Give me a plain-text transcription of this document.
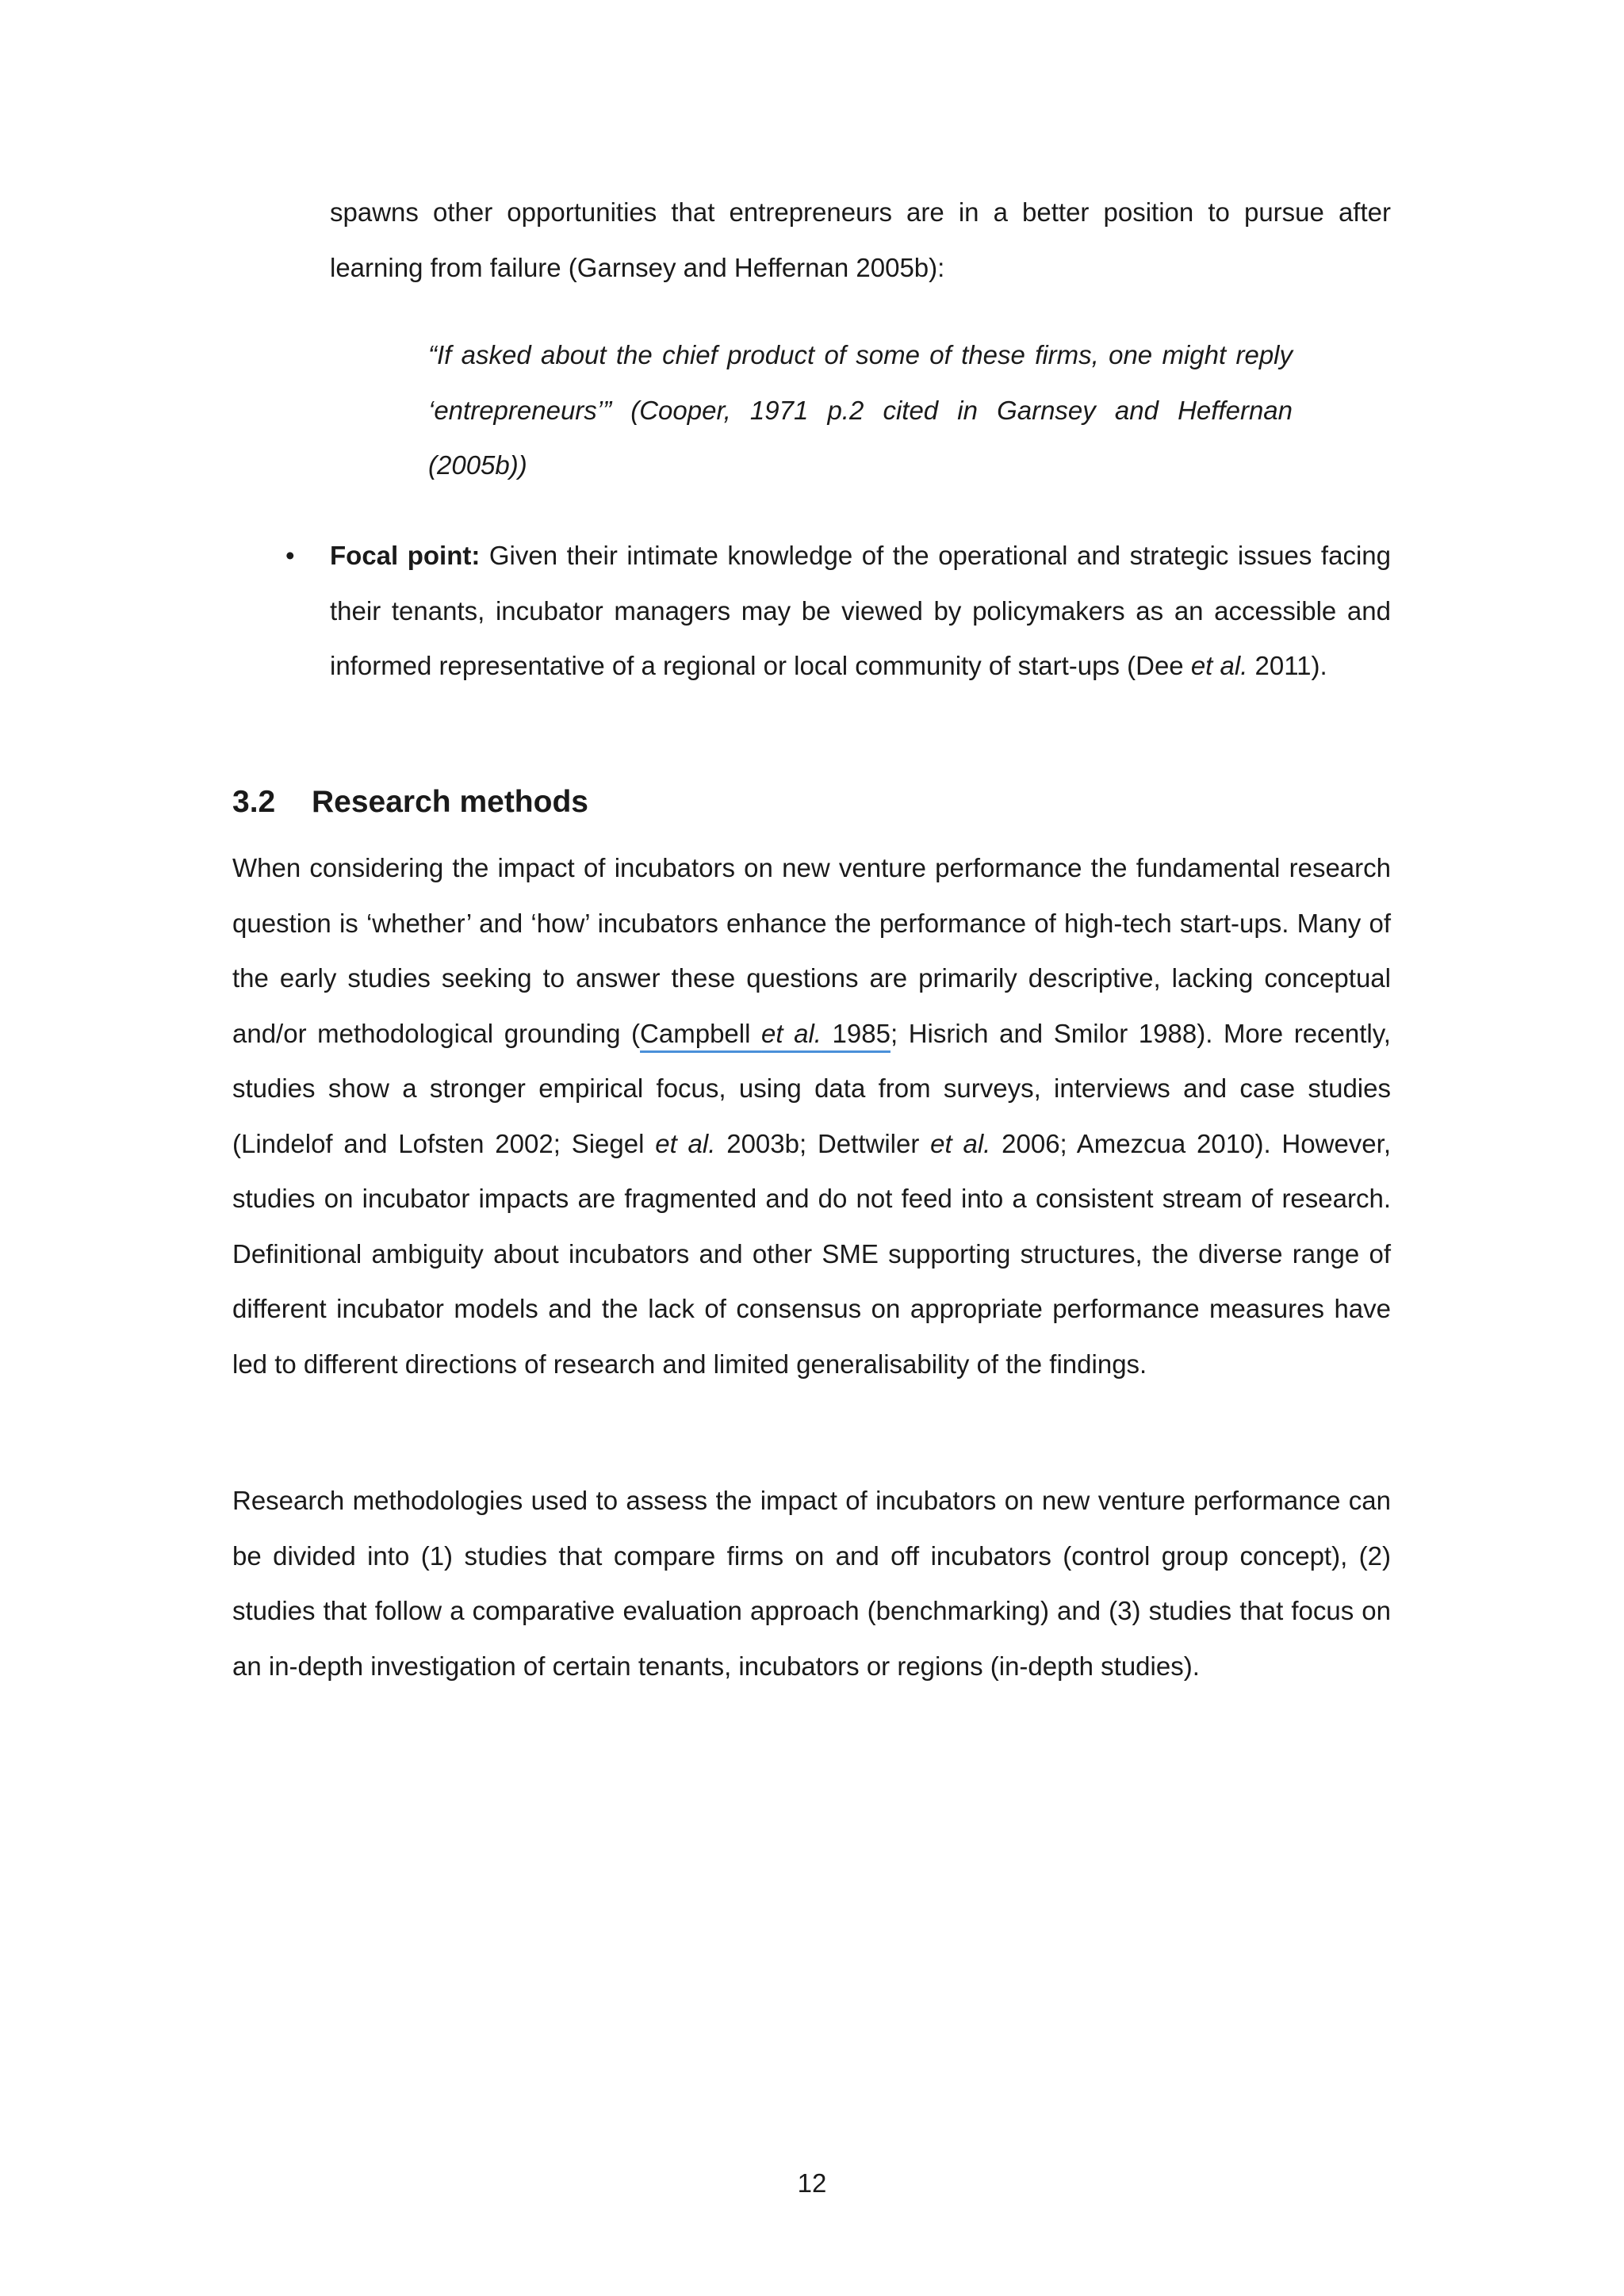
spawns other opportunities that entrepreneurs are in a better position to pursue after learning from failure (Garnsey and Heffernan 2005b):

“If asked about the chief product of some of these firms, one might reply ‘entrepreneurs’” (Cooper, 1971 p.2 cited in Garnsey and Heffernan (2005b))

• Focal point: Given their intimate knowledge of the operational and strategic issues facing their tenants, incubator managers may be viewed by policymakers as an accessible and informed representative of a regional or local community of start-ups (Dee et al. 2011).

3.2 Research methods

When considering the impact of incubators on new venture performance the fundamental research question is ‘whether’ and ‘how’ incubators enhance the performance of high-tech start-ups. Many of the early studies seeking to answer these questions are primarily descriptive, lacking conceptual and/or methodological grounding (Campbell et al. 1985; Hisrich and Smilor 1988). More recently, studies show a stronger empirical focus, using data from surveys, interviews and case studies (Lindelof and Lofsten 2002; Siegel et al. 2003b; Dettwiler et al. 2006; Amezcua 2010). However, studies on incubator impacts are fragmented and do not feed into a consistent stream of research. Definitional ambiguity about incubators and other SME supporting structures, the diverse range of different incubator models and the lack of consensus on appropriate performance measures have led to different directions of research and limited generalisability of the findings.

Research methodologies used to assess the impact of incubators on new venture performance can be divided into (1) studies that compare firms on and off incubators (control group concept), (2) studies that follow a comparative evaluation approach (benchmarking) and (3) studies that focus on an in-depth investigation of certain tenants, incubators or regions (in-depth studies).

12
